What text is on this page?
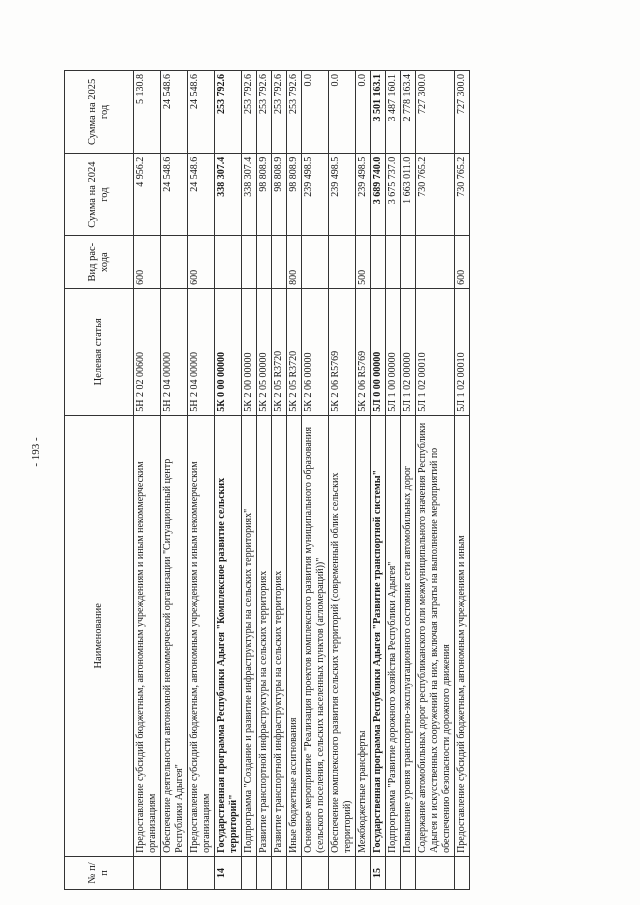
- 193 -
№ п/п	Наименование	Целевая статья	Вид рас-хода	Сумма на 2024 год	Сумма на 2025 год
	Предоставление субсидий бюджетным, автономным учреждениям и иным некоммерческим организациям	5Н 2 02 00600	600	4 956.2	5 130.8
	Обеспечение деятельности автономной некоммерческой организации "Ситуационный центр Республики Адыгея"	5Н 2 04 00000		24 548.6	24 548.6
	Предоставление субсидий бюджетным, автономным учреждениям и иным некоммерческим организациям	5Н 2 04 00000	600	24 548.6	24 548.6
14	Государственная программа Республики Адыгея "Комплексное развитие сельских территорий"	5К 0 00 00000		338 307.4	253 792.6
	Подпрограмма "Создание и развитие инфраструктуры на сельских территориях"	5К 2 00 00000		338 307.4	253 792.6
	Развитие транспортной инфраструктуры на сельских территориях	5К 2 05 00000		98 808.9	253 792.6
	Развитие транспортной инфраструктуры на сельских территориях	5К 2 05 R3720		98 808.9	253 792.6
	Иные бюджетные ассигнования	5К 2 05 R3720	800	98 808.9	253 792.6
	Основное мероприятие "Реализация проектов комплексного развития муниципального образования (сельского поселения, сельских населенных пунктов (агломераций))"	5К 2 06 00000		239 498.5	0.0
	Обеспечение комплексного развития сельских территорий (современный облик сельских территорий)	5К 2 06 R5769		239 498.5	0.0
	Межбюджетные трансферты	5К 2 06 R5769	500	239 498.5	0.0
15	Государственная программа Республики Адыгея "Развитие транспортной системы"	5Л 0 00 00000		3 689 740.0	3 501 163.1
	Подпрограмма "Развитие дорожного хозяйства Республики Адыгея"	5Л 1 00 00000		3 675 737.0	3 487 160.1
	Повышение уровня транспортно-эксплуатационного состояния сети автомобильных дорог	5Л 1 02 00000		1 663 011.0	2 778 163.4
	Содержание автомобильных дорог республиканского или межмуниципального значения Республики Адыгея и искусственных сооружений на них, включая затраты на выполнение мероприятий по обеспечению безопасности дорожного движения	5Л 1 02 00010		730 765.2	727 300.0
	Предоставление субсидий бюджетным, автономным учреждениям и иным	5Л 1 02 00010	600	730 765.2	727 300.0
